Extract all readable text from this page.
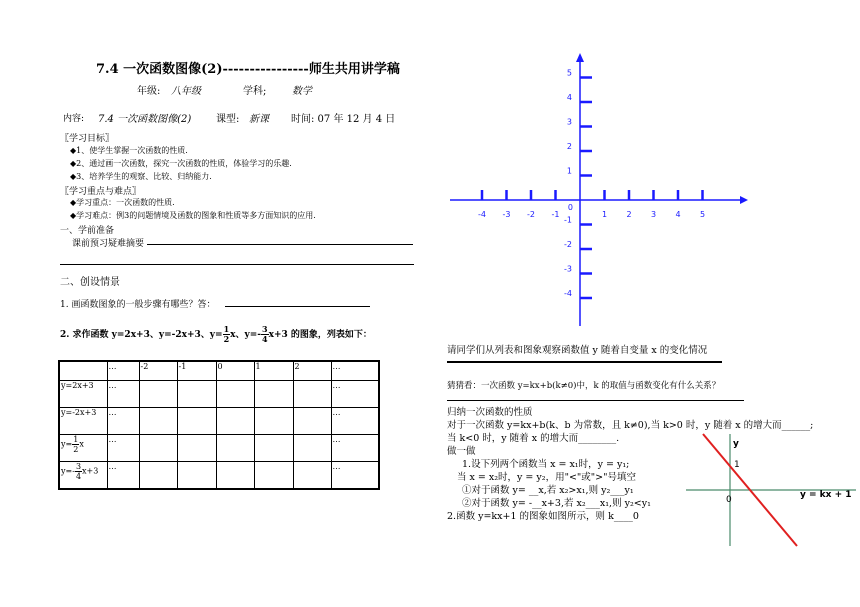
7.4 一次函数图像(2)----------------师生共用讲学稿
年级: 八年级	学科;	数学
内容: 7.4 一次函数图像(2) 课型: 新课 时间: 07 年 12 月 4 日
〖学习目标〗
◆1、使学生掌握一次函数的性质.
◆2、通过画一次函数，探究一次函数的性质，体验学习的乐趣.
◆3、培养学生的观察、比较、归纳能力.
〖学习重点与难点〗
◆学习重点：一次函数的性质.
◆学习难点：例3的问题情境及函数的图象和性质等多方面知识的应用.
一、学前准备
课前预习疑难摘要
二、创设情景
1. 画函数图象的一般步骤有哪些？答：
2. 求作函数 y=2x+3、y=-2x+3、$y= \frac{1}{2}$ x、$y=- \frac{3}{4} x+3$ 的图象，列表如下：
	…	-2	-1	0	1	2	…
y=2x+3	…						…
y=-2x+3	…						…
$y= \frac{1}{2}$ x	…						…
$y=- \frac{3}{4} x+3$	…						…
-4 -3 -2 -1	1 2 3 4 5
5
4
3
2
1
-1
-2
-3
-4
0
请同学们从列表和图象观察函数值 y 随着自变量 x 的变化情况
猜猜看：一次函数 y=kx+b(k≠0)中，k 的取值与函数变化有什么关系？
归纳一次函数的性质
对于一次函数 y=kx+b(k、b 为常数，且 k≠0),当 k>0 时，y 随着 x 的增大而______;
当 k<0 时，y 随着 x 的增大而________.
做一做
1.设下列两个函数当 x = x₁时，y = y₁;
当 x = x₂时，y = y₂，用"<"或">"号填空
①对于函数 y= __x,若 x₂>x₁,则 y₂___y₁
②对于函数 y= -__x+3,若 x₂___x₁,则 y₂<y₁
2.函数 y=kx+1 的图象如图所示，则 k____0
y
1
0	y = kx + 1
